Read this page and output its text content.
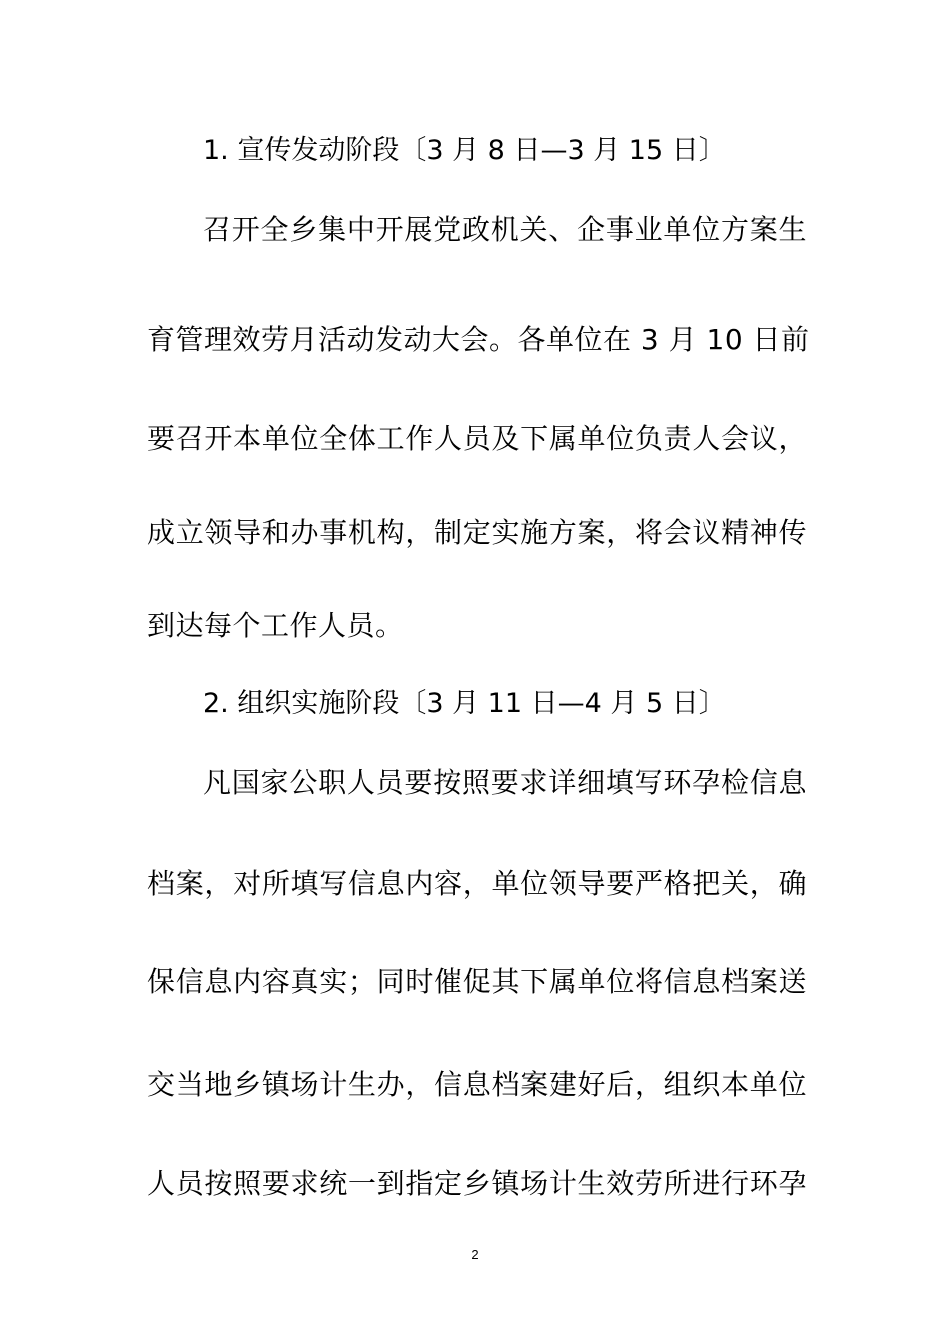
1. 宣传发动阶段〔3 月 8 日—3 月 15 日〕
召开全乡集中开展党政机关、企事业单位方案生
育管理效劳月活动发动大会。各单位在 3 月 10 日前
要召开本单位全体工作人员及下属单位负责人会议，
成立领导和办事机构，制定实施方案，将会议精神传
到达每个工作人员。
2. 组织实施阶段〔3 月 11 日—4 月 5 日〕
凡国家公职人员要按照要求详细填写环孕检信息
档案，对所填写信息内容，单位领导要严格把关，确
保信息内容真实；同时催促其下属单位将信息档案送
交当地乡镇场计生办，信息档案建好后，组织本单位
人员按照要求统一到指定乡镇场计生效劳所进行环孕
2
